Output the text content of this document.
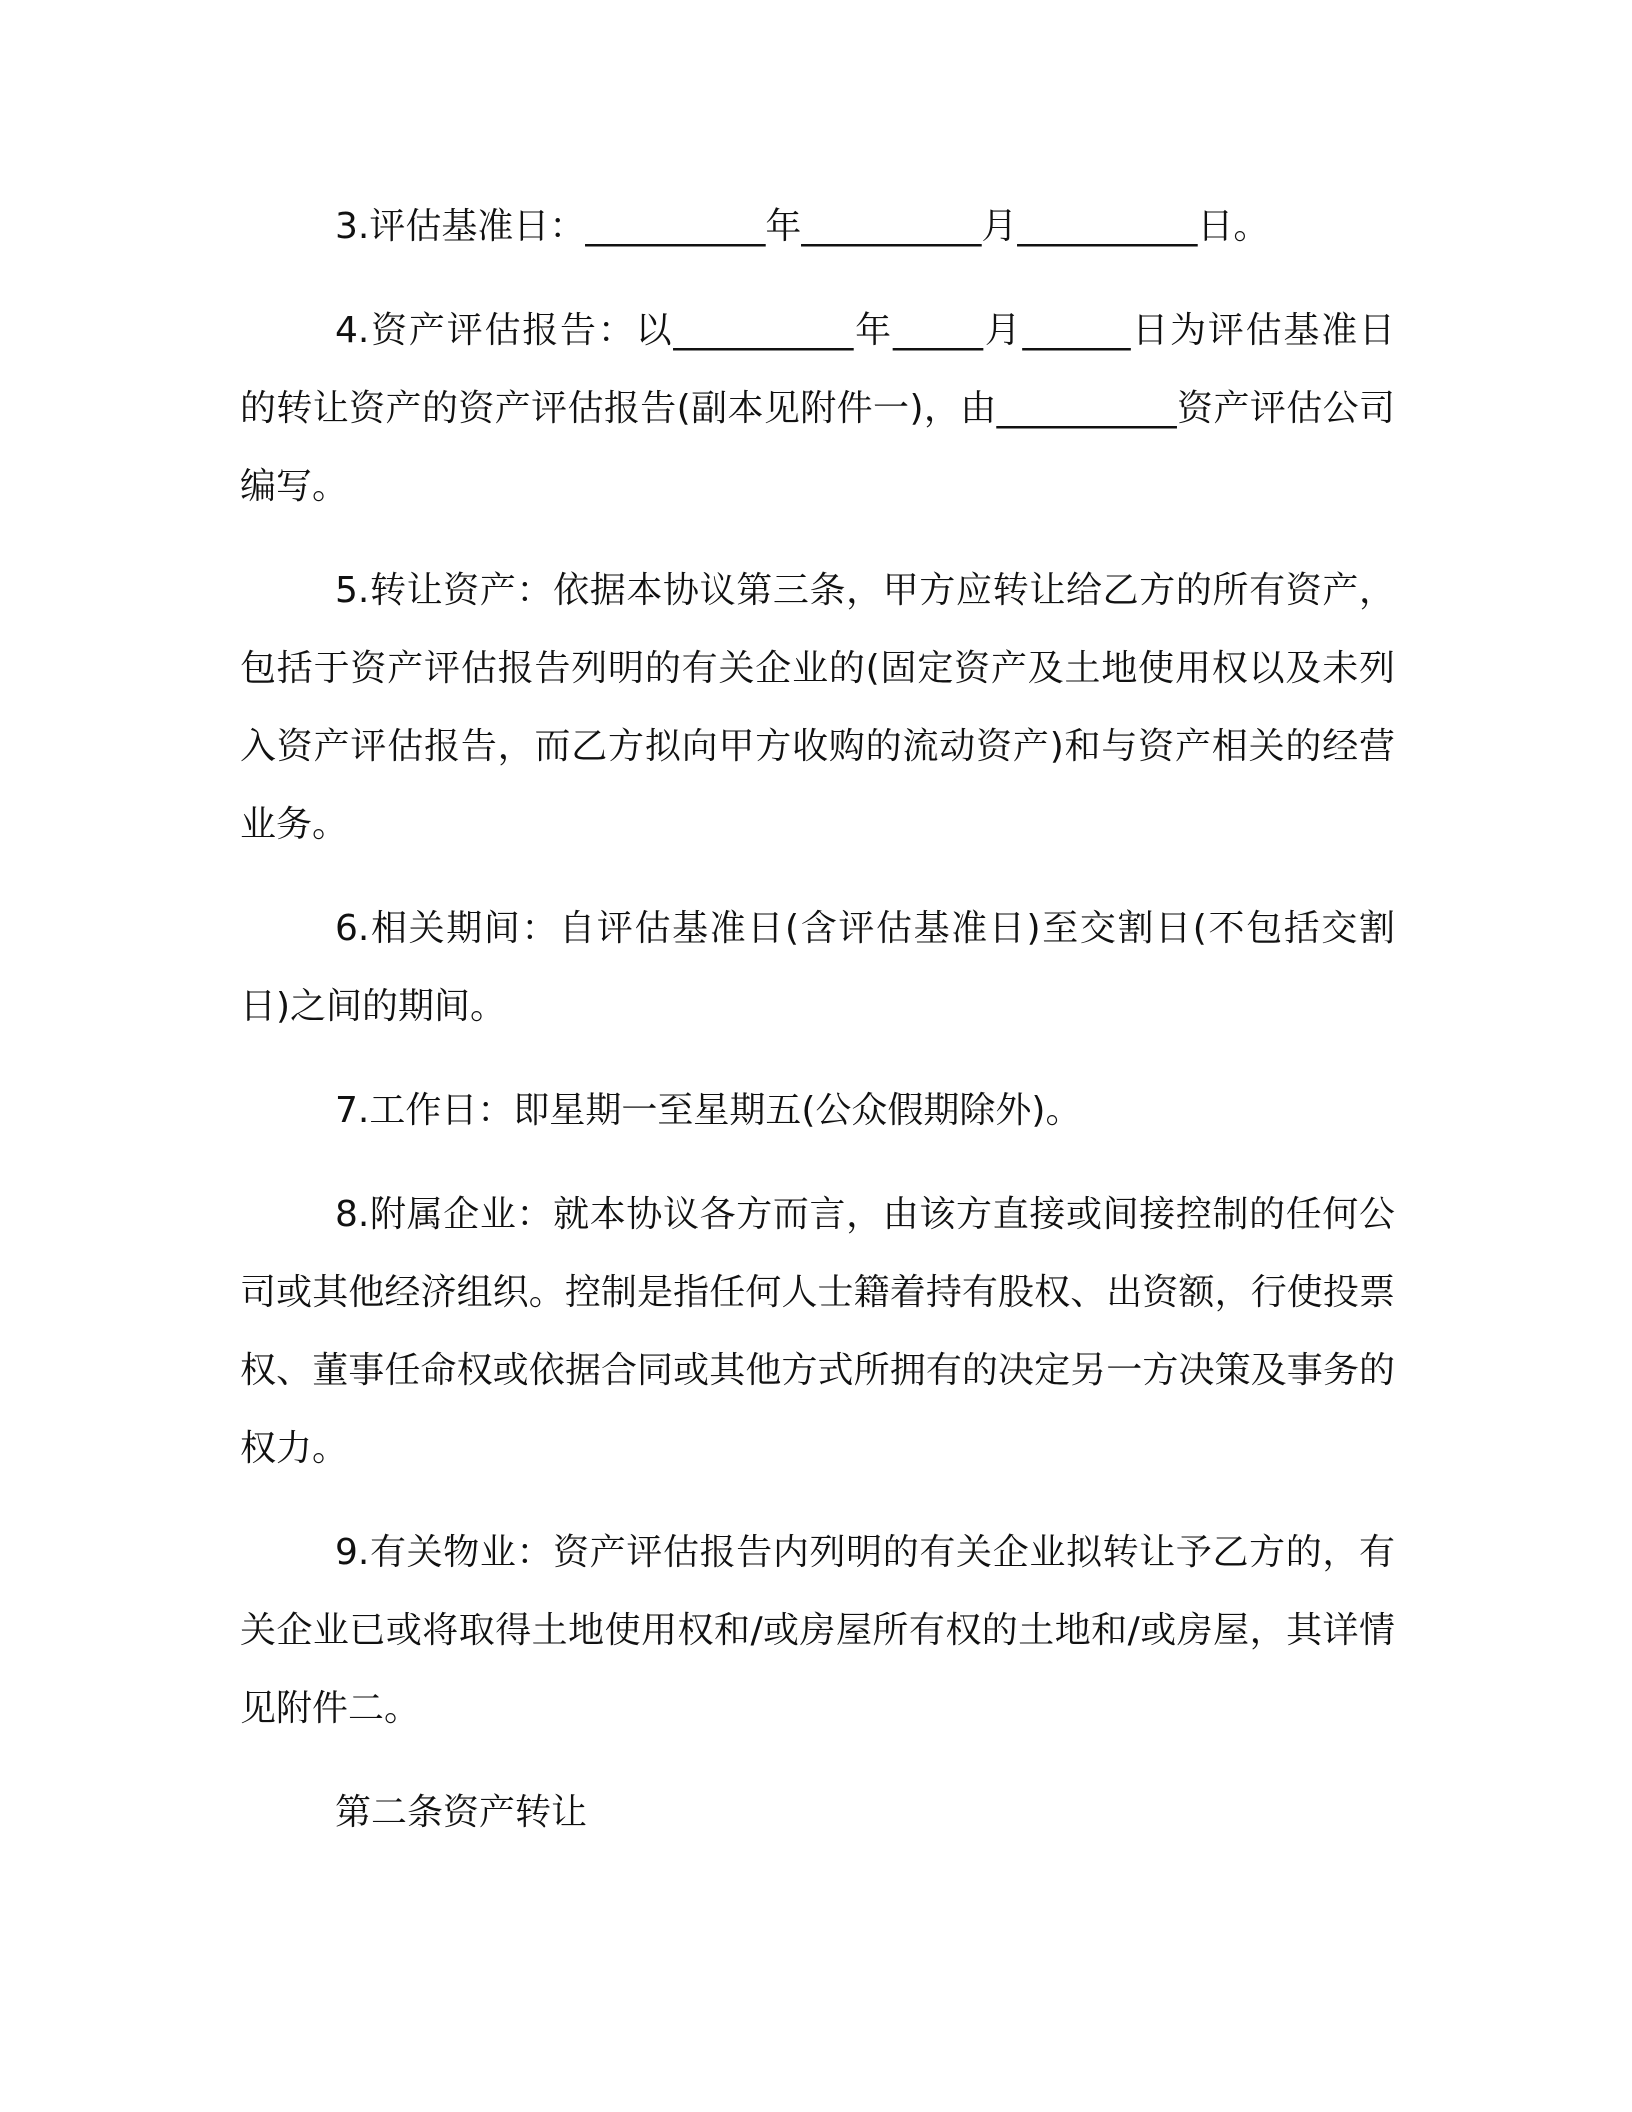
3.评估基准日：__________年__________月__________日。

4.资产评估报告：以__________年_____月______日为评估基准日的转让资产的资产评估报告(副本见附件一)，由__________资产评估公司编写。

5.转让资产：依据本协议第三条，甲方应转让给乙方的所有资产，包括于资产评估报告列明的有关企业的(固定资产及土地使用权以及未列入资产评估报告，而乙方拟向甲方收购的流动资产)和与资产相关的经营业务。

6.相关期间：自评估基准日(含评估基准日)至交割日(不包括交割日)之间的期间。

7.工作日：即星期一至星期五(公众假期除外)。

8.附属企业：就本协议各方而言，由该方直接或间接控制的任何公司或其他经济组织。控制是指任何人士籍着持有股权、出资额，行使投票权、董事任命权或依据合同或其他方式所拥有的决定另一方决策及事务的权力。

9.有关物业：资产评估报告内列明的有关企业拟转让予乙方的，有关企业已或将取得土地使用权和/或房屋所有权的土地和/或房屋，其详情见附件二。

第二条资产转让
